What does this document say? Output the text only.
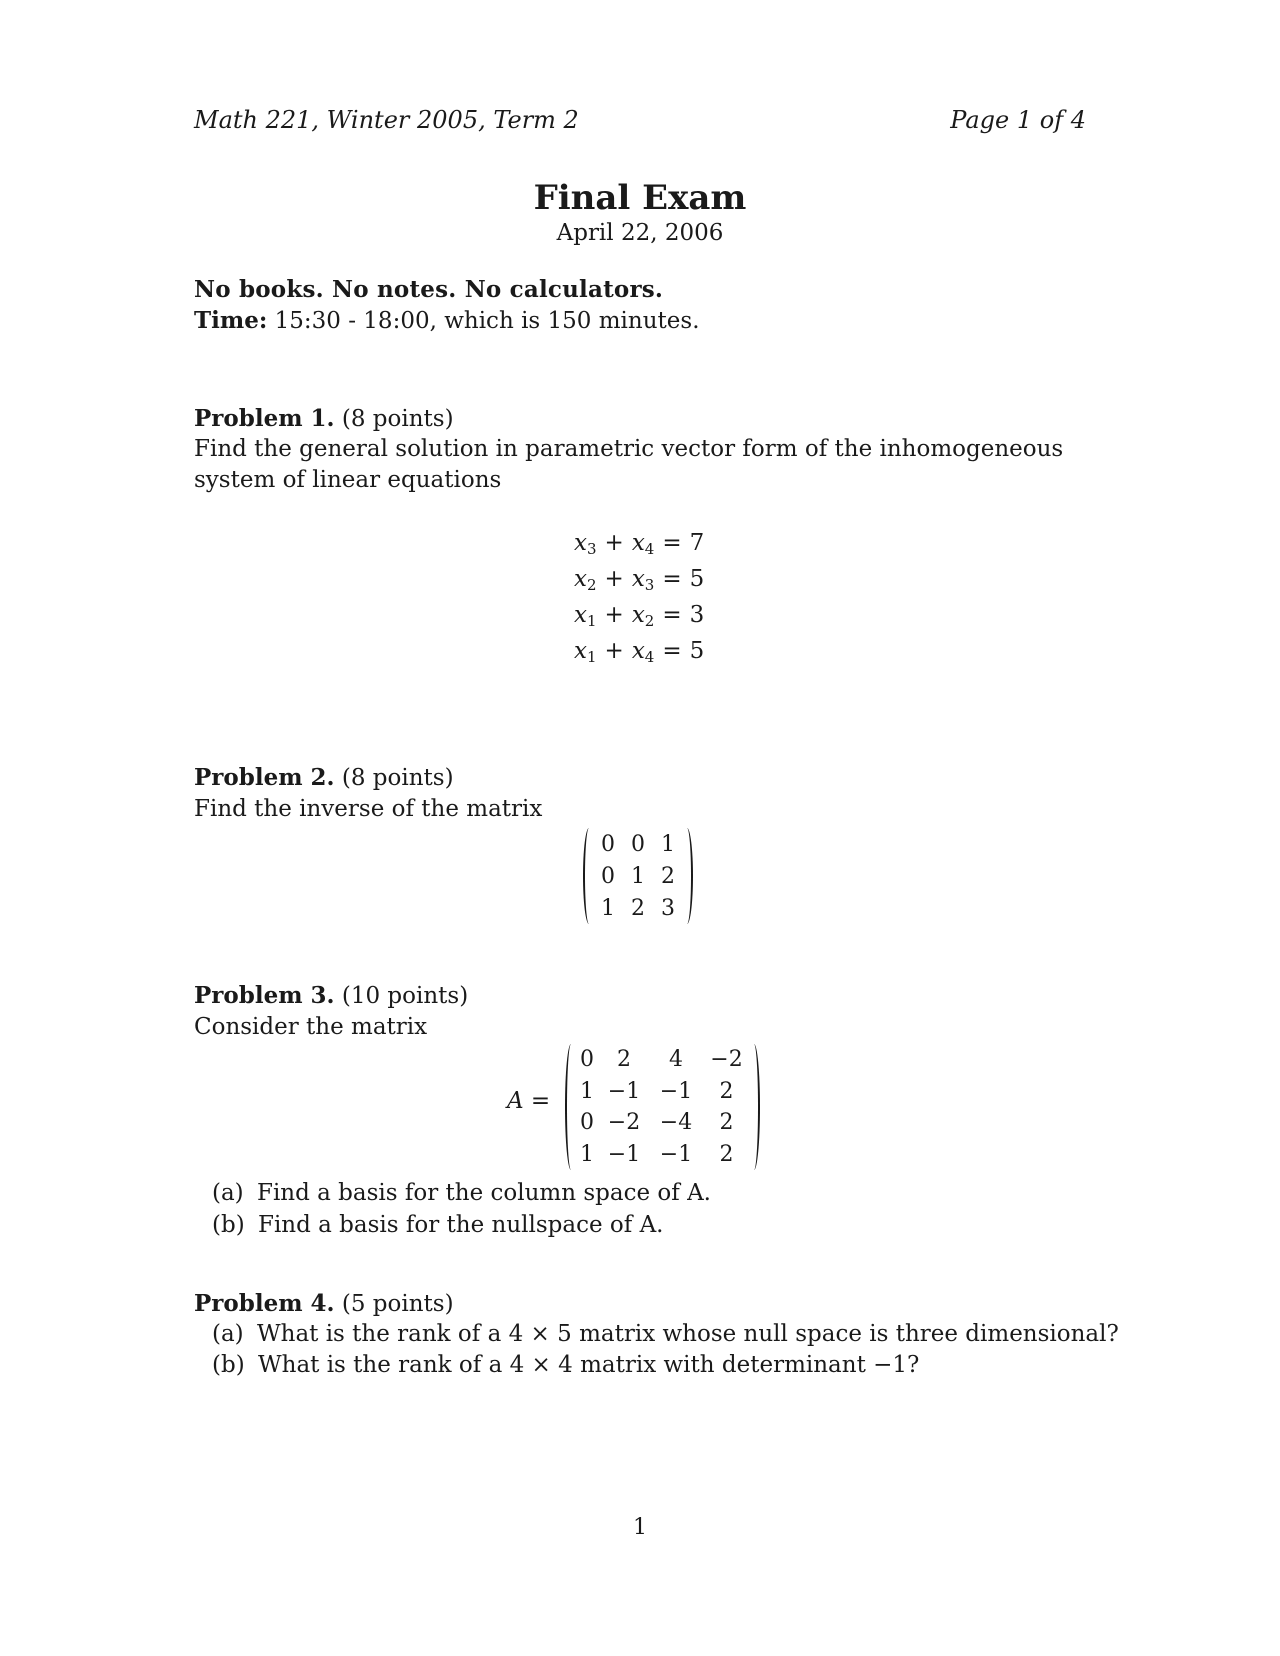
Math 221, Winter 2005, Term 2	Page 1 of 4
Final Exam
April 22, 2006
No books. No notes. No calculators.
Time: 15:30 - 18:00, which is 150 minutes.
Problem 1. (8 points)
Find the general solution in parametric vector form of the inhomogeneous system of linear equations
$x_3 + x_4 = 7$
$x_2 + x_3 = 5$
$x_1 + x_2 = 3$
$x_1 + x_4 = 5$
Problem 2. (8 points)
Find the inverse of the matrix
0 0 1
0 1 2
1 2 3
Problem 3. (10 points)
Consider the matrix
A =
0	2	4	−2
1 −1 −1	2
0 −2 −4	2
1 −1 −1	2
(a) Find a basis for the column space of A.
(b) Find a basis for the nullspace of A.
Problem 4. (5 points)
(a) What is the rank of a 4 × 5 matrix whose null space is three dimensional?
(b) What is the rank of a 4 × 4 matrix with determinant −1?
1
